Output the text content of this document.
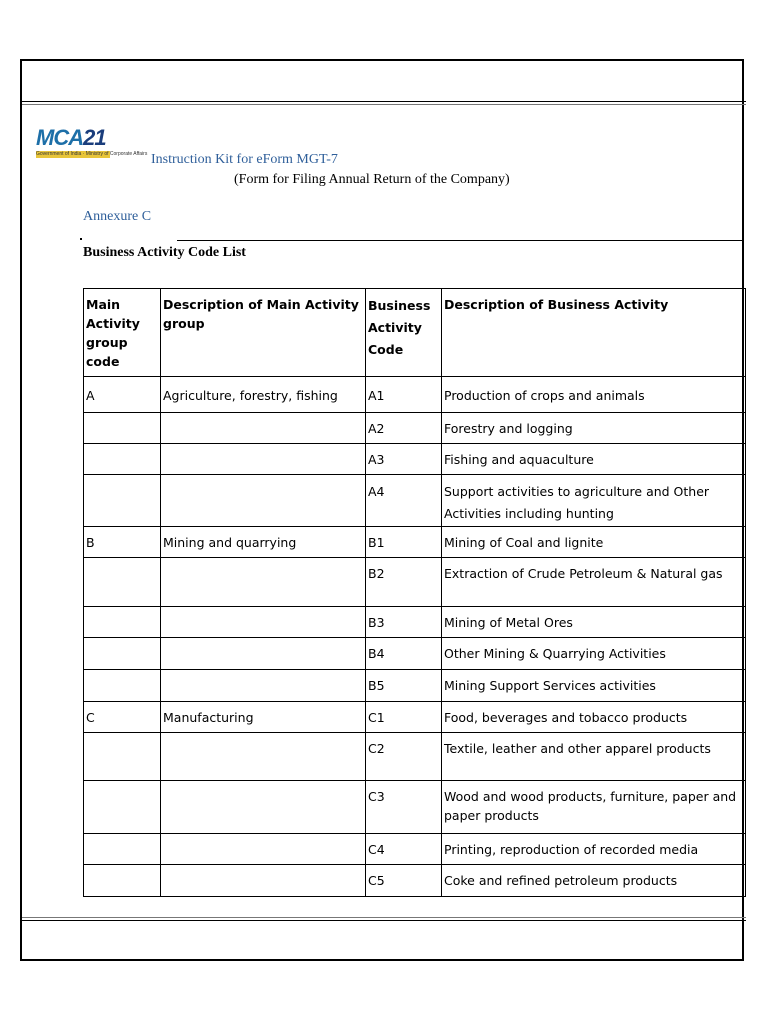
MCA21
Government of India · Ministry of Corporate Affairs Instruction Kit for eForm MGT-7
(Form for Filing Annual Return of the Company)
Annexure C
Business Activity Code List
Main Activity group code	Description of Main Activity group	Business Activity Code	Description of Business Activity
A	Agriculture, forestry, fishing	A1	Production of crops and animals
		A2	Forestry and logging
		A3	Fishing and aquaculture
		A4	Support activities to agriculture and Other Activities including hunting
B	Mining and quarrying	B1	Mining of Coal and lignite
		B2	Extraction of Crude Petroleum & Natural gas
		B3	Mining of Metal Ores
		B4	Other Mining & Quarrying Activities
		B5	Mining Support Services activities
C	Manufacturing	C1	Food, beverages and tobacco products
		C2	Textile, leather and other apparel products
		C3	Wood and wood products, furniture, paper and paper products
		C4	Printing, reproduction of recorded media
		C5	Coke and refined petroleum products
